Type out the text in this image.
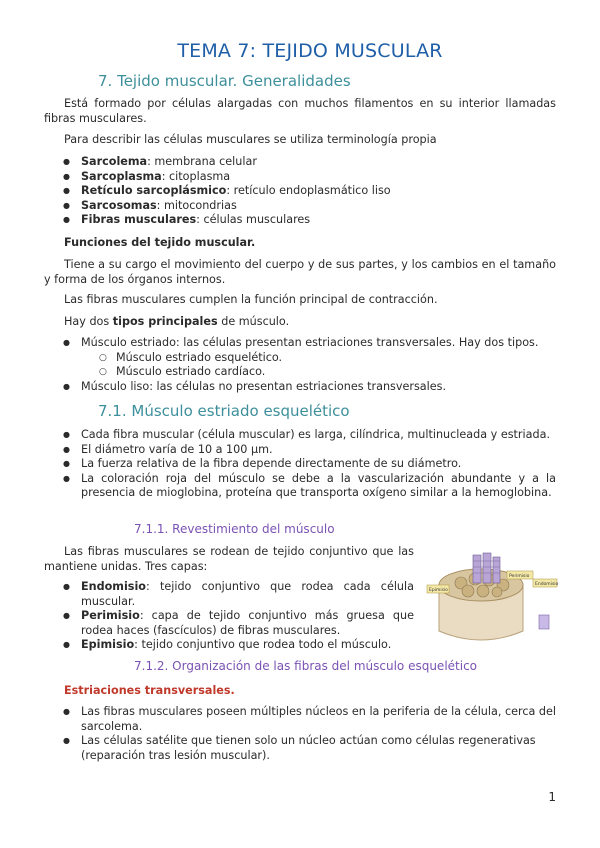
TEMA 7: TEJIDO MUSCULAR
7. Tejido muscular. Generalidades
Está formado por células alargadas con muchos filamentos en su interior llamadas fibras musculares.
Para describir las células musculares se utiliza terminología propia
● Sarcolema: membrana celular
● Sarcoplasma: citoplasma
● Retículo sarcoplásmico: retículo endoplasmático liso
● Sarcosomas: mitocondrias
● Fibras musculares: células musculares
Funciones del tejido muscular.
Tiene a su cargo el movimiento del cuerpo y de sus partes, y los cambios en el tamaño y forma de los órganos internos.
Las fibras musculares cumplen la función principal de contracción.
Hay dos tipos principales de músculo.
● Músculo estriado: las células presentan estriaciones transversales. Hay dos tipos.
○ Músculo estriado esquelético.
○ Músculo estriado cardíaco.
● Músculo liso: las células no presentan estriaciones transversales.
7.1. Músculo estriado esquelético
● Cada fibra muscular (célula muscular) es larga, cilíndrica, multinucleada y estriada.
● El diámetro varía de 10 a 100 µm.
● La fuerza relativa de la fibra depende directamente de su diámetro.
● La coloración roja del músculo se debe a la vascularización abundante y a la presencia de mioglobina, proteína que transporta oxígeno similar a la hemoglobina.
7.1.1. Revestimiento del músculo
Las fibras musculares se rodean de tejido conjuntivo que las mantiene unidas. Tres capas:
● Endomisio: tejido conjuntivo que rodea cada célula muscular.
● Perimisio: capa de tejido conjuntivo más gruesa que rodea haces (fascículos) de fibras musculares.
● Epimisio: tejido conjuntivo que rodea todo el músculo.
Perimisio
Endomisio
Epimisio
7.1.2. Organización de las fibras del músculo esquelético
Estriaciones transversales.
● Las fibras musculares poseen múltiples núcleos en la periferia de la célula, cerca del sarcolema.
● Las células satélite que tienen solo un núcleo actúan como células regenerativas (reparación tras lesión muscular).
1
